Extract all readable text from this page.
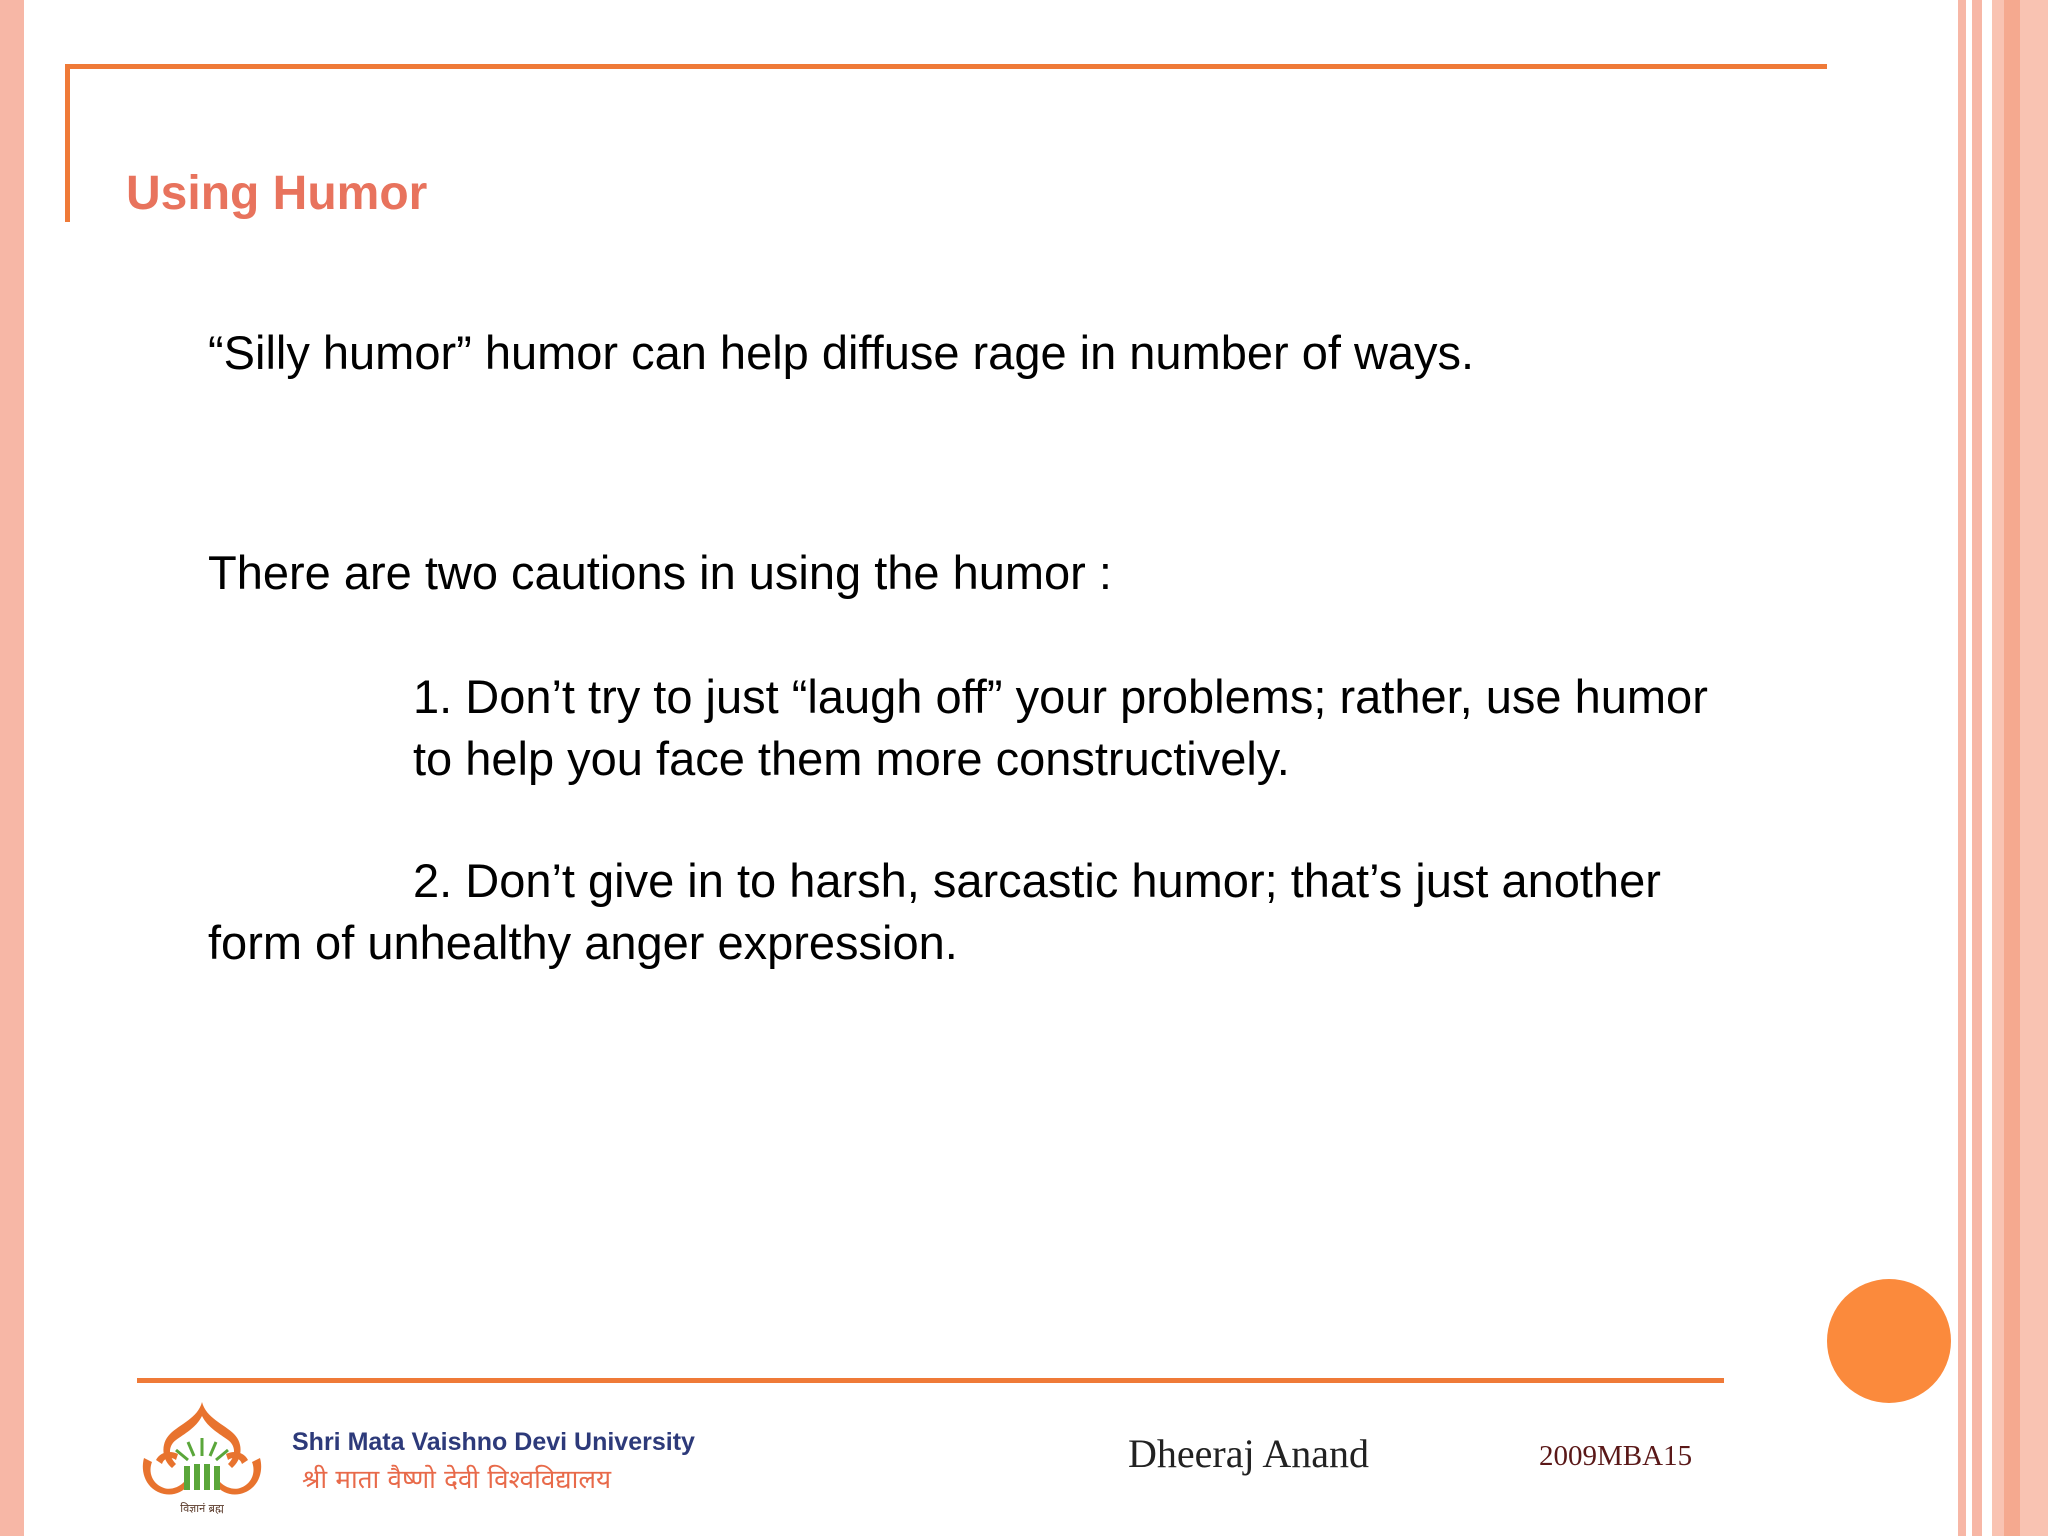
Using Humor
“Silly humor” humor can help diffuse rage in number of ways.
There are two cautions in using the humor :
1. Don’t try to just “laugh off” your problems; rather, use humor
to help you face them more constructively.
2. Don’t give in to harsh, sarcastic humor; that’s just another
form of unhealthy anger expression.
विज्ञानं ब्रह्म
Shri Mata Vaishno Devi University
श्री माता वैष्णो देवी विश्वविद्यालय
Dheeraj Anand	2009MBA15
